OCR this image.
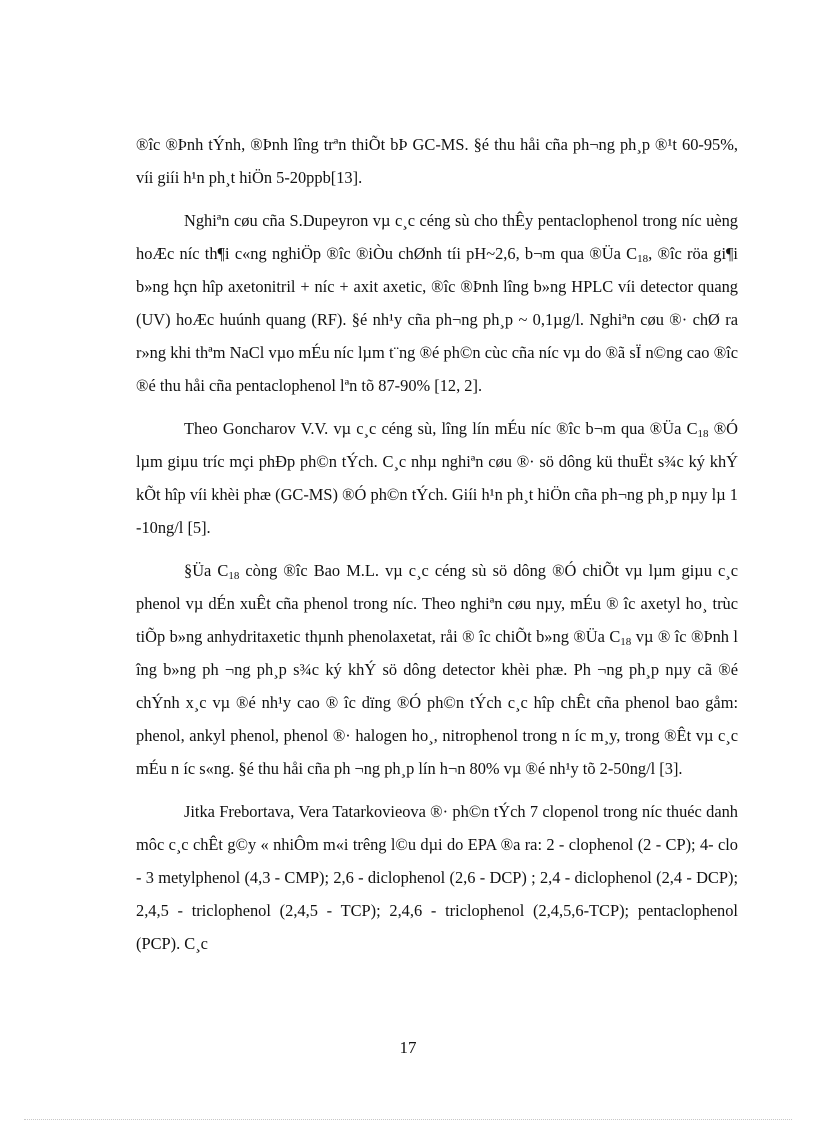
®îc ®Þnh tÝnh, ®Þnh lîng trªn thiÕt bÞ GC-MS. §é thu håi cña ph¬ng ph¸p ®¹t 60-95%, víi giíi h¹n ph¸t hiÖn 5-20ppb[13].

Nghiªn cøu cña S.Dupeyron vµ c¸c céng sù cho thÊy pentaclophenol trong níc uèng hoÆc níc th¶i c«ng nghiÖp ®îc ®iÒu chØnh tíi pH~2,6, b¬m qua ®Üa $C_{18}$, ®îc röa gi¶i b»ng hçn hîp axetonitril + níc + axit axetic, ®îc ®Þnh lîng b»ng HPLC víi detector quang (UV) hoÆc huúnh quang (RF). §é nh¹y cña ph¬ng ph¸p ~ 0,1µg/l. Nghiªn cøu ®· chØ ra r»ng khi thªm NaCl vµo mÉu níc lµm t¨ng ®é ph©n cùc cña níc vµ do ®ã sÏ n©ng cao ®îc ®é thu håi cña pentaclophenol lªn tõ 87-90% [12, 2].

Theo Goncharov V.V. vµ c¸c céng sù, lîng lín mÉu níc ®îc b¬m qua ®Üa $C_{18}$ ®Ó lµm giµu tríc mçi phÐp ph©n tÝch. C¸c nhµ nghiªn cøu ®· sö dông kü thuËt s¾c ký khÝ kÕt hîp víi khèi phæ (GC-MS) ®Ó ph©n tÝch. Giíi h¹n ph¸t hiÖn cña ph¬ng ph¸p nµy lµ 1 -10ng/l [5].

§Üa $C_{18}$ còng ®îc Bao M.L. vµ c¸c céng sù sö dông ®Ó chiÕt vµ lµm giµu c¸c phenol vµ dÉn xuÊt cña phenol trong níc. Theo nghiªn cøu nµy, mÉu ® îc axetyl ho¸ trùc tiÕp b»ng anhydritaxetic thµnh phenolaxetat, råi ® îc chiÕt b»ng ®Üa $C_{18}$ vµ ® îc ®Þnh l îng b»ng ph ¬ng ph¸p s¾c ký khÝ sö dông detector khèi phæ. Ph ¬ng ph¸p nµy cã ®é chÝnh x¸c vµ ®é nh¹y cao ® îc dïng ®Ó ph©n tÝch c¸c hîp chÊt cña phenol bao gåm: phenol, ankyl phenol, phenol ®· halogen ho¸, nitrophenol trong n íc m¸y, trong ®Êt vµ c¸c mÉu n íc s«ng. §é thu håi cña ph ¬ng ph¸p lín h¬n 80% vµ ®é nh¹y tõ 2-50ng/l [3].

Jitka Frebortava, Vera Tatarkovieova ®· ph©n tÝch 7 clopenol trong níc thuéc danh môc c¸c chÊt g©y « nhiÔm m«i trêng l©u dµi do EPA ®a ra: 2 - clophenol (2 - CP); 4- clo - 3 metylphenol (4,3 - CMP); 2,6 - diclophenol (2,6 - DCP) ; 2,4 - diclophenol (2,4 - DCP); 2,4,5 - triclophenol (2,4,5 - TCP); 2,4,6 - triclophenol (2,4,5,6-TCP); pentaclophenol (PCP). C¸c

17
